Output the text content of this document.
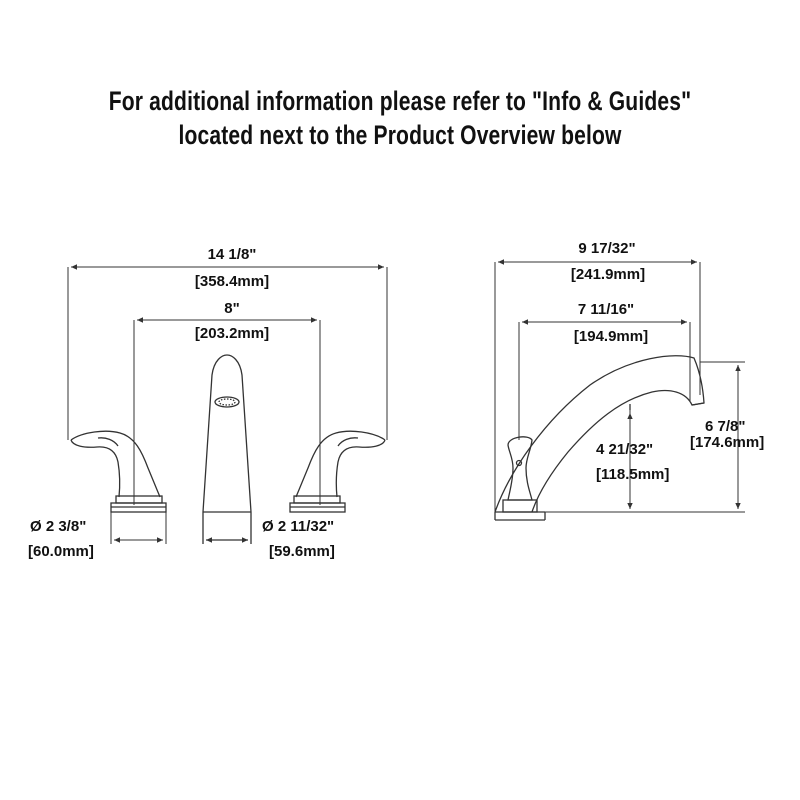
For additional information please refer to "Info & Guides"
located next to the Product Overview below
14 1/8"
[358.4mm]
8"
[203.2mm]
Ø 2 3/8"
[60.0mm]
Ø 2 11/32"
[59.6mm]
9 17/32"
[241.9mm]
7 11/16"
[194.9mm]
4 21/32"
[118.5mm]
6 7/8"
[174.6mm]
